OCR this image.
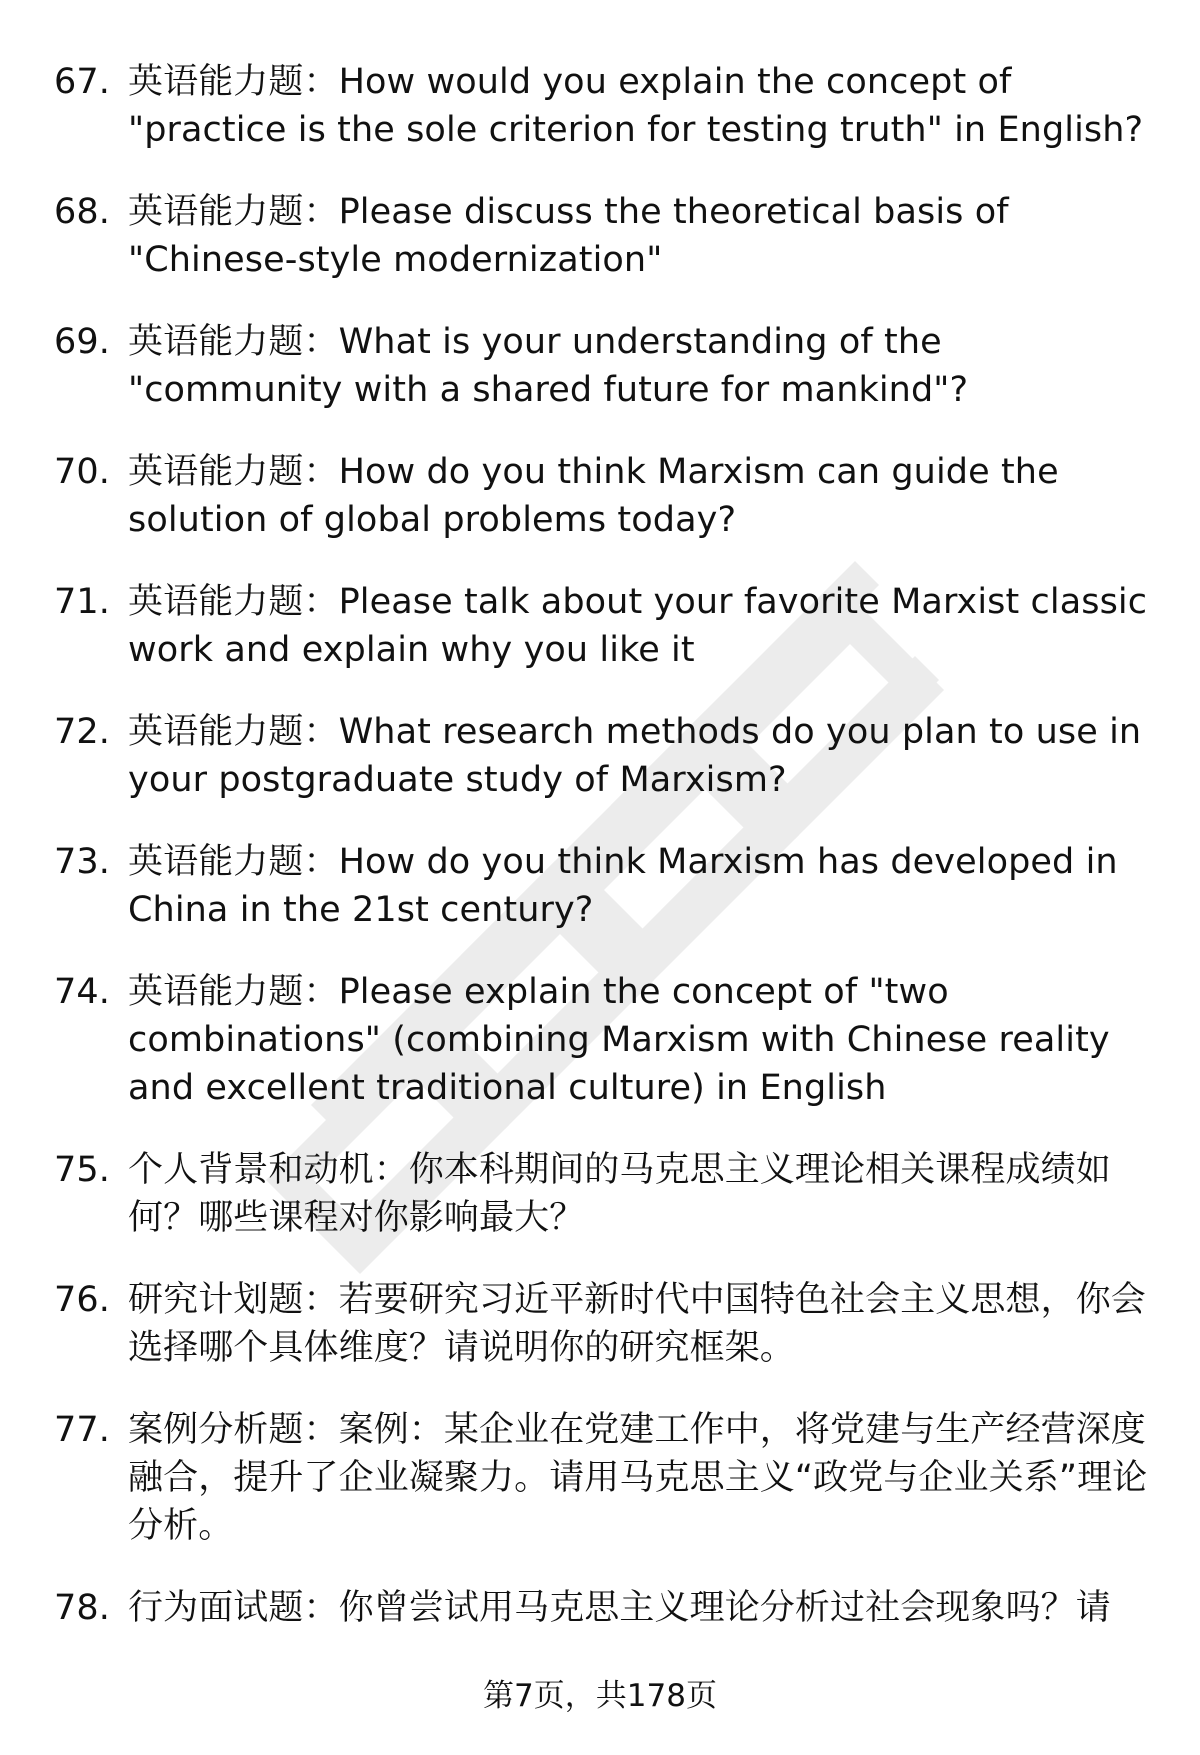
67. 英语能力题：How would you explain the concept of "practice is the sole criterion for testing truth" in English?
68. 英语能力题：Please discuss the theoretical basis of "Chinese-style modernization"
69. 英语能力题：What is your understanding of the "community with a shared future for mankind"?
70. 英语能力题：How do you think Marxism can guide the solution of global problems today?
71. 英语能力题：Please talk about your favorite Marxist classic work and explain why you like it
72. 英语能力题：What research methods do you plan to use in your postgraduate study of Marxism?
73. 英语能力题：How do you think Marxism has developed in China in the 21st century?
74. 英语能力题：Please explain the concept of "two combinations" (combining Marxism with Chinese reality and excellent traditional culture) in English
75. 个人背景和动机：你本科期间的马克思主义理论相关课程成绩如何？哪些课程对你影响最大？
76. 研究计划题：若要研究习近平新时代中国特色社会主义思想，你会选择哪个具体维度？请说明你的研究框架。
77. 案例分析题：案例：某企业在党建工作中，将党建与生产经营深度融合，提升了企业凝聚力。请用马克思主义“政党与企业关系”理论分析。
78. 行为面试题：你曾尝试用马克思主义理论分析过社会现象吗？请
第7页，共178页
